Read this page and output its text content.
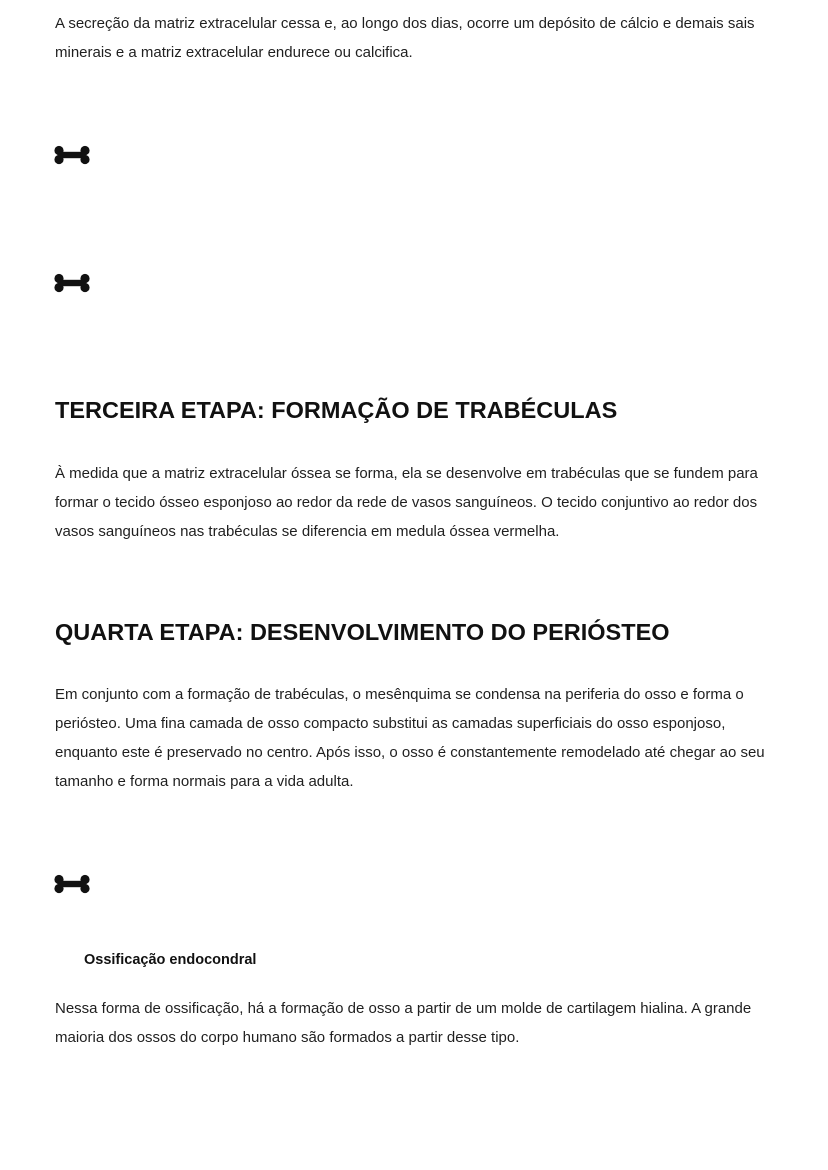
A secreção da matriz extracelular cessa e, ao longo dos dias, ocorre um depósito de cálcio e demais sais minerais e a matriz extracelular endurece ou calcifica.

TERCEIRA ETAPA: FORMAÇÃO DE TRABÉCULAS

À medida que a matriz extracelular óssea se forma, ela se desenvolve em trabéculas que se fundem para formar o tecido ósseo esponjoso ao redor da rede de vasos sanguíneos. O tecido conjuntivo ao redor dos vasos sanguíneos nas trabéculas se diferencia em medula óssea vermelha.

QUARTA ETAPA: DESENVOLVIMENTO DO PERIÓSTEO

Em conjunto com a formação de trabéculas, o mesênquima se condensa na periferia do osso e forma o periósteo. Uma fina camada de osso compacto substitui as camadas superficiais do osso esponjoso, enquanto este é preservado no centro. Após isso, o osso é constantemente remodelado até chegar ao seu tamanho e forma normais para a vida adulta.

Ossificação endocondral

Nessa forma de ossificação, há a formação de osso a partir de um molde de cartilagem hialina. A grande maioria dos ossos do corpo humano são formados a partir desse tipo.
